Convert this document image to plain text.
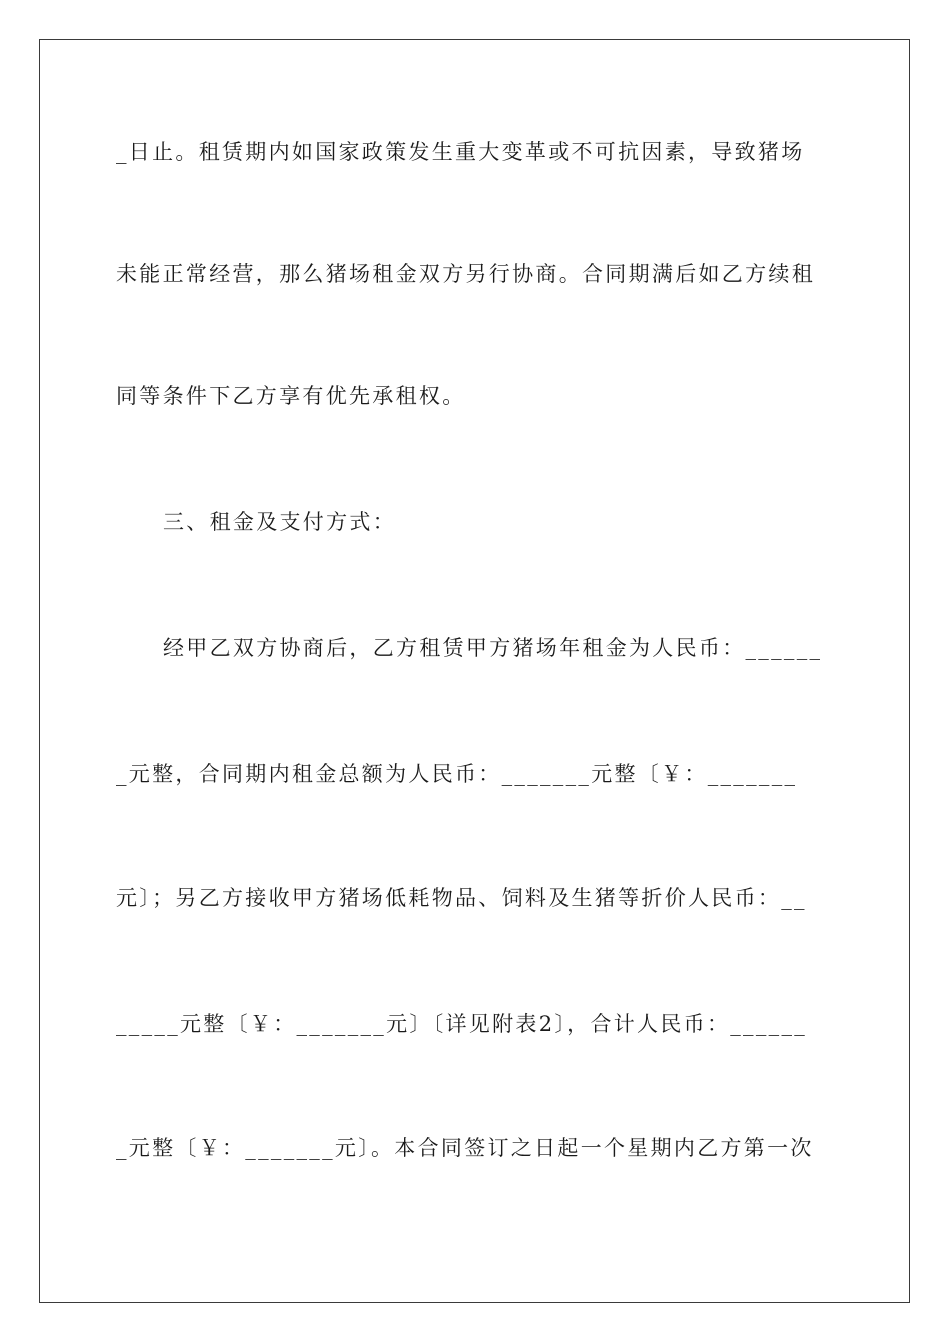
_日止。租赁期内如国家政策发生重大变革或不可抗因素，导致猪场
未能正常经营，那么猪场租金双方另行协商。合同期满后如乙方续租
同等条件下乙方享有优先承租权。
三、租金及支付方式：
经甲乙双方协商后，乙方租赁甲方猪场年租金为人民币：______
_元整，合同期内租金总额为人民币：_______元整〔￥：_______
元〕；另乙方接收甲方猪场低耗物品、饲料及生猪等折价人民币：__
_____元整〔￥：_______元〕〔详见附表2〕，合计人民币：______
_元整〔￥：_______元〕。本合同签订之日起一个星期内乙方第一次
